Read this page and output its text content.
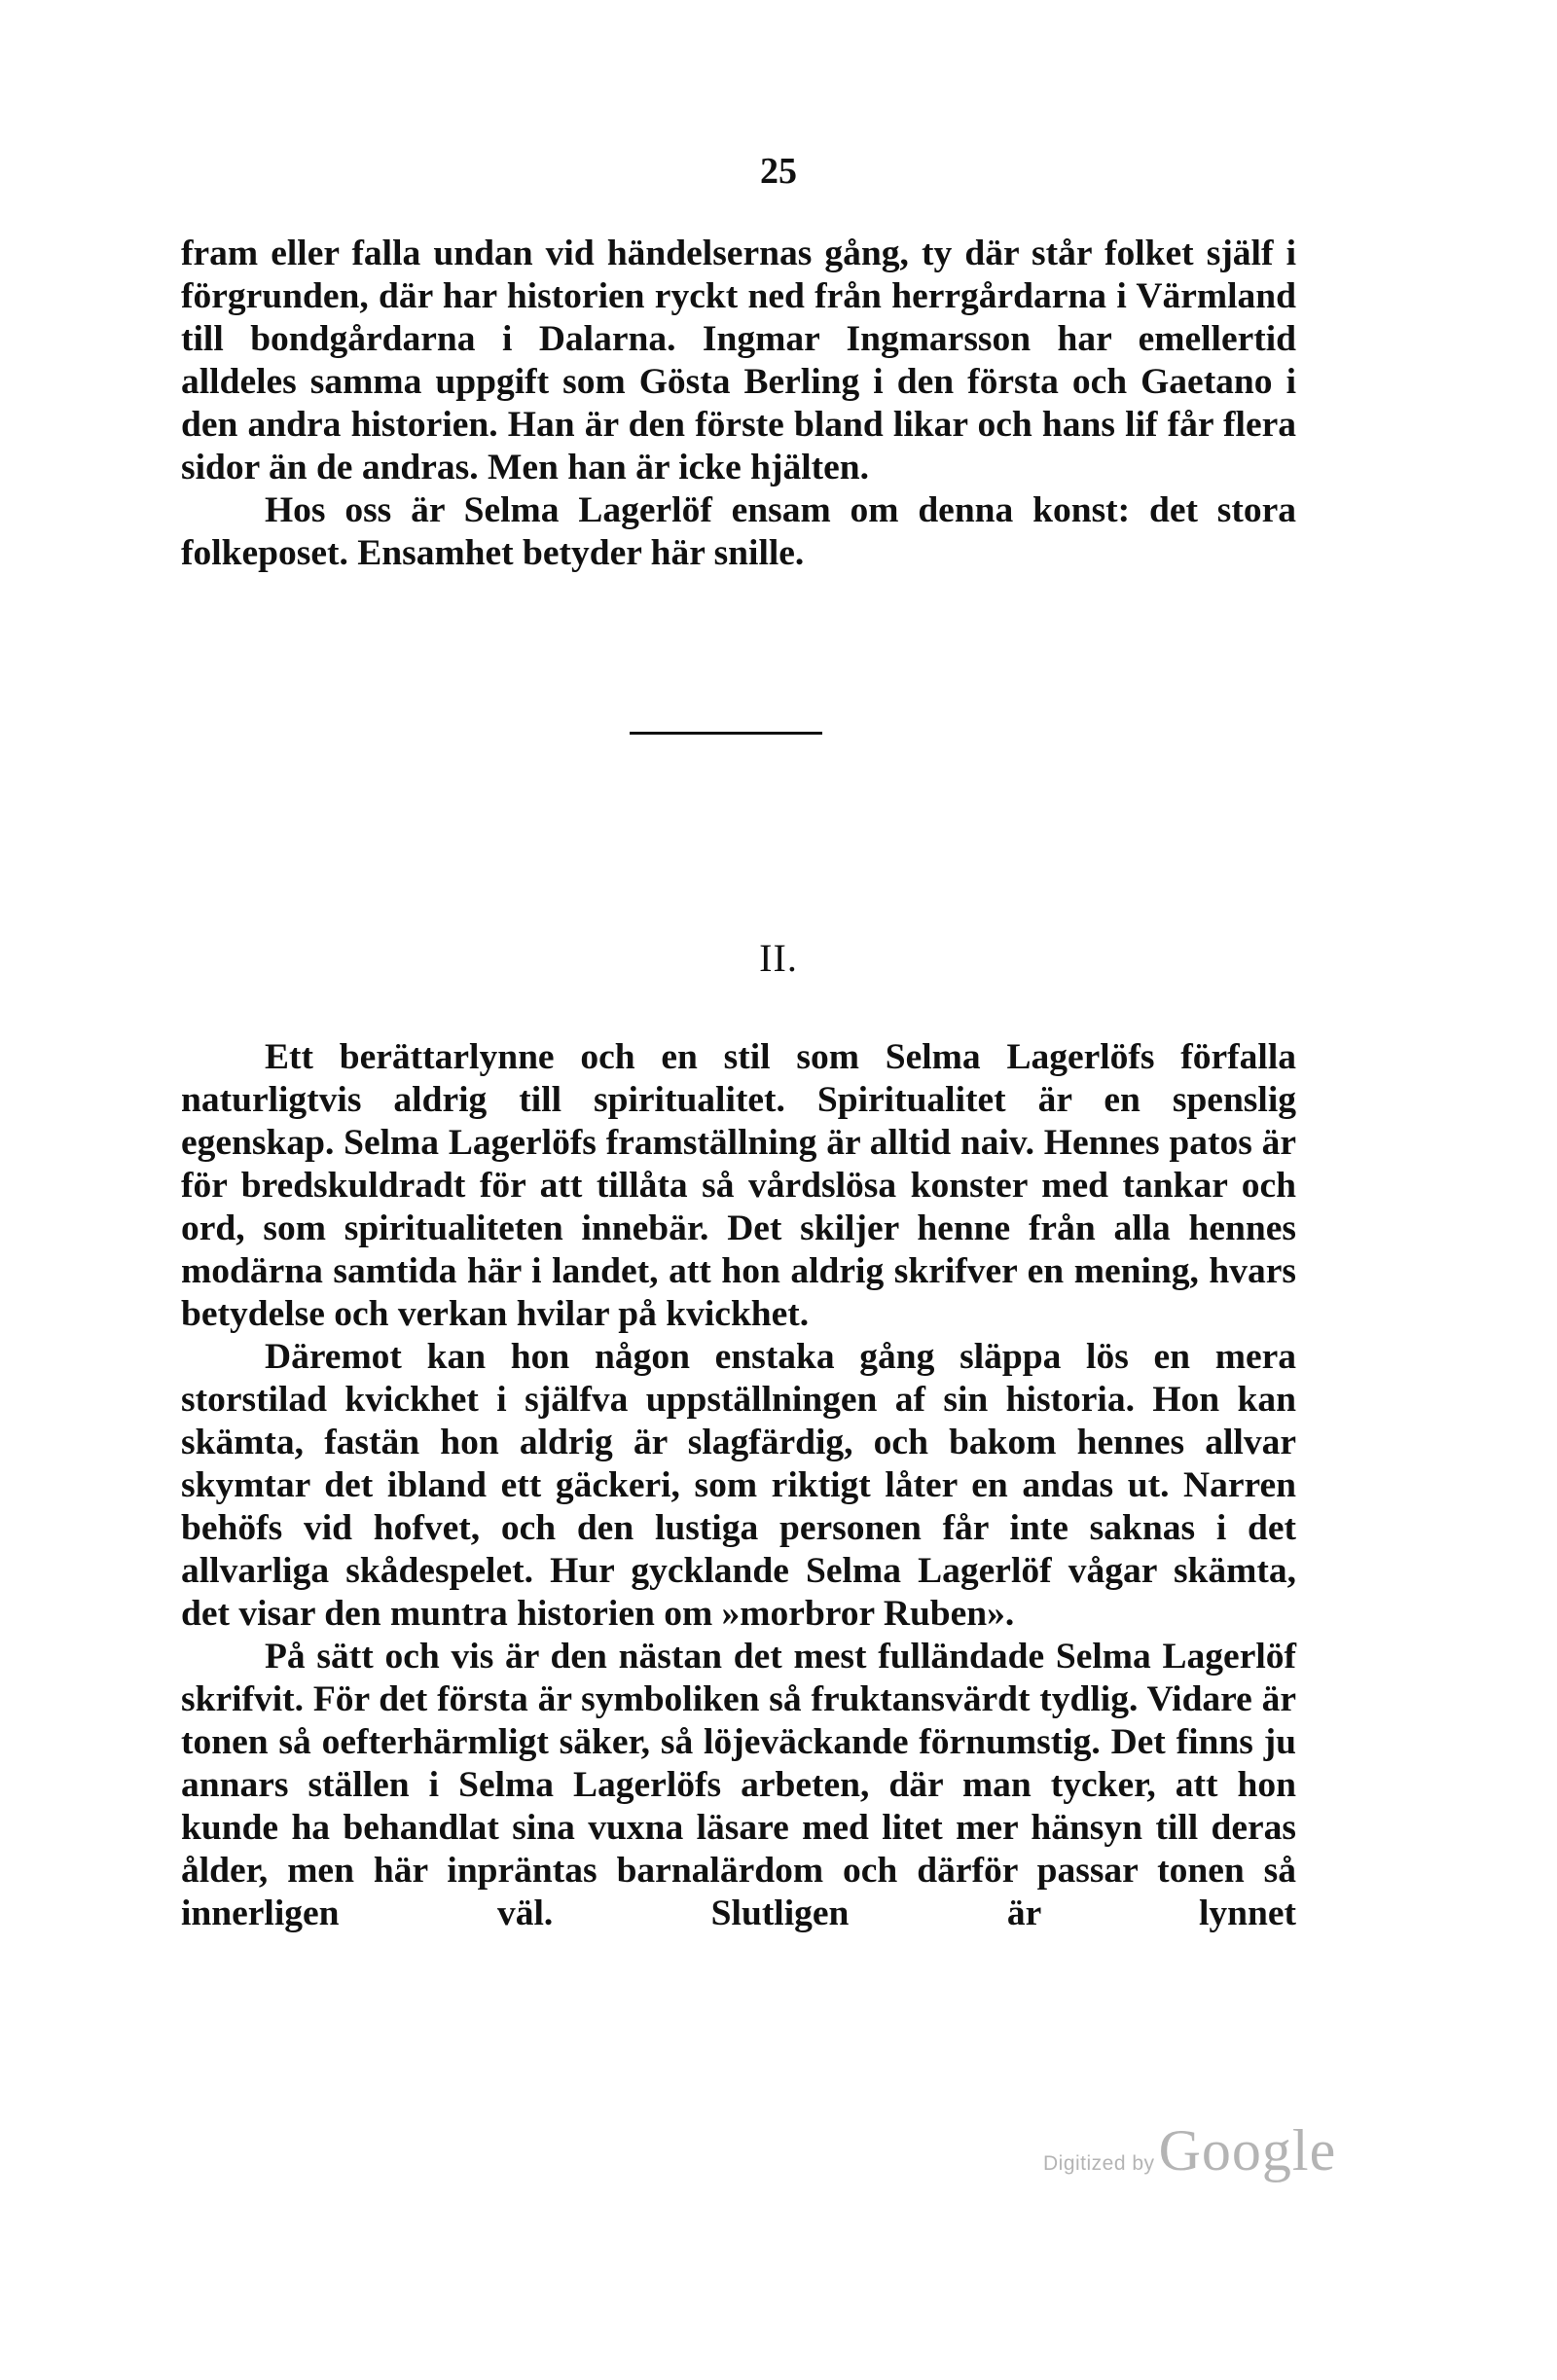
25

fram eller falla undan vid händelsernas gång, ty där står folket själf i förgrunden, där har historien ryckt ned från herrgårdarna i Värmland till bondgårdarna i Dalarna. Ingmar Ingmarsson har emellertid alldeles samma uppgift som Gösta Berling i den första och Gaetano i den andra historien. Han är den förste bland likar och hans lif får flera sidor än de andras. Men han är icke hjälten.

Hos oss är Selma Lagerlöf ensam om denna konst: det stora folkeposet. Ensamhet betyder här snille.

II.

Ett berättarlynne och en stil som Selma Lagerlöfs förfalla naturligtvis aldrig till spiritualitet. Spiritualitet är en spenslig egenskap. Selma Lagerlöfs framställning är alltid naiv. Hennes patos är för bredskuldradt för att tillåta så vårdslösa konster med tankar och ord, som spiritualiteten innebär. Det skiljer henne från alla hennes modärna samtida här i landet, att hon aldrig skrifver en mening, hvars betydelse och verkan hvilar på kvickhet.

Däremot kan hon någon enstaka gång släppa lös en mera storstilad kvickhet i själfva uppställningen af sin historia. Hon kan skämta, fastän hon aldrig är slagfärdig, och bakom hennes allvar skymtar det ibland ett gäckeri, som riktigt låter en andas ut. Narren behöfs vid hofvet, och den lustiga personen får inte saknas i det allvarliga skådespelet. Hur gycklande Selma Lagerlöf vågar skämta, det visar den muntra historien om »morbror Ruben».

På sätt och vis är den nästan det mest fulländade Selma Lagerlöf skrifvit. För det första är symboliken så fruktansvärdt tydlig. Vidare är tonen så oefterhärmligt säker, så löjeväckande förnumstig. Det finns ju annars ställen i Selma Lagerlöfs arbeten, där man tycker, att hon kunde ha behandlat sina vuxna läsare med litet mer hänsyn till deras ålder, men här inpräntas barnalärdom och därför passar tonen så innerligen väl. Slutligen är lynnet

Digitized byGoogle
